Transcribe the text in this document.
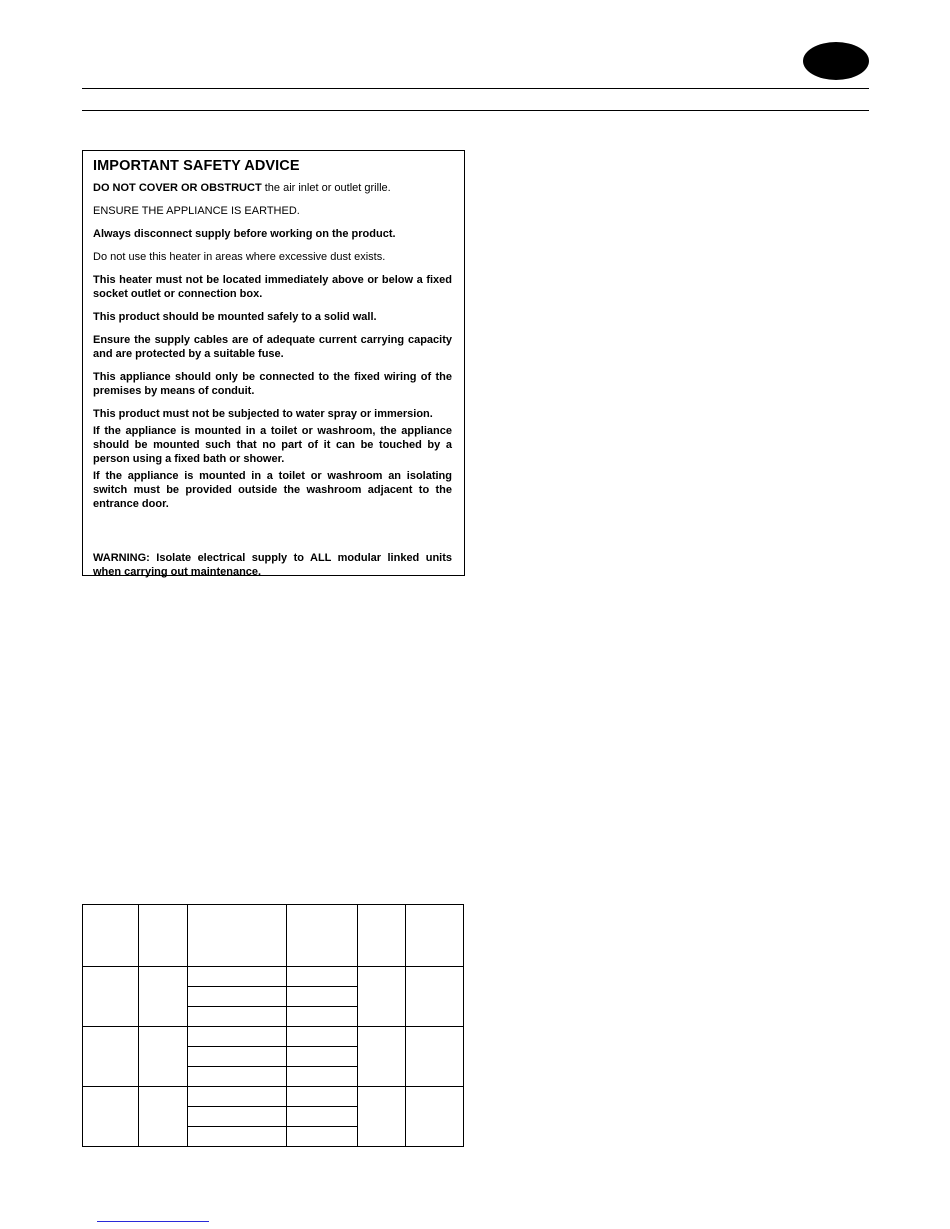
IMPORTANT SAFETY ADVICE

DO NOT COVER OR OBSTRUCT the air inlet or outlet grille.

ENSURE THE APPLIANCE IS EARTHED.

Always disconnect supply before working on the product.

Do not use this heater in areas where excessive dust exists.

This heater must not be located immediately above or below a fixed socket outlet or connection box.

This product should be mounted safely to a solid wall.

Ensure the supply cables are of adequate current carrying capacity and are protected by a suitable fuse.

This appliance should only be connected to the fixed wiring of the premises by means of conduit.

This product must not be subjected to water spray or immersion.

If the appliance is mounted in a toilet or washroom, the appliance should be mounted such that no part of it can be touched by a person using a fixed bath or shower.

If the appliance is mounted in a toilet or washroom an isolating switch must be provided outside the washroom adjacent to the entrance door.

WARNING: Isolate electrical supply to ALL modular linked units when carrying out maintenance.
